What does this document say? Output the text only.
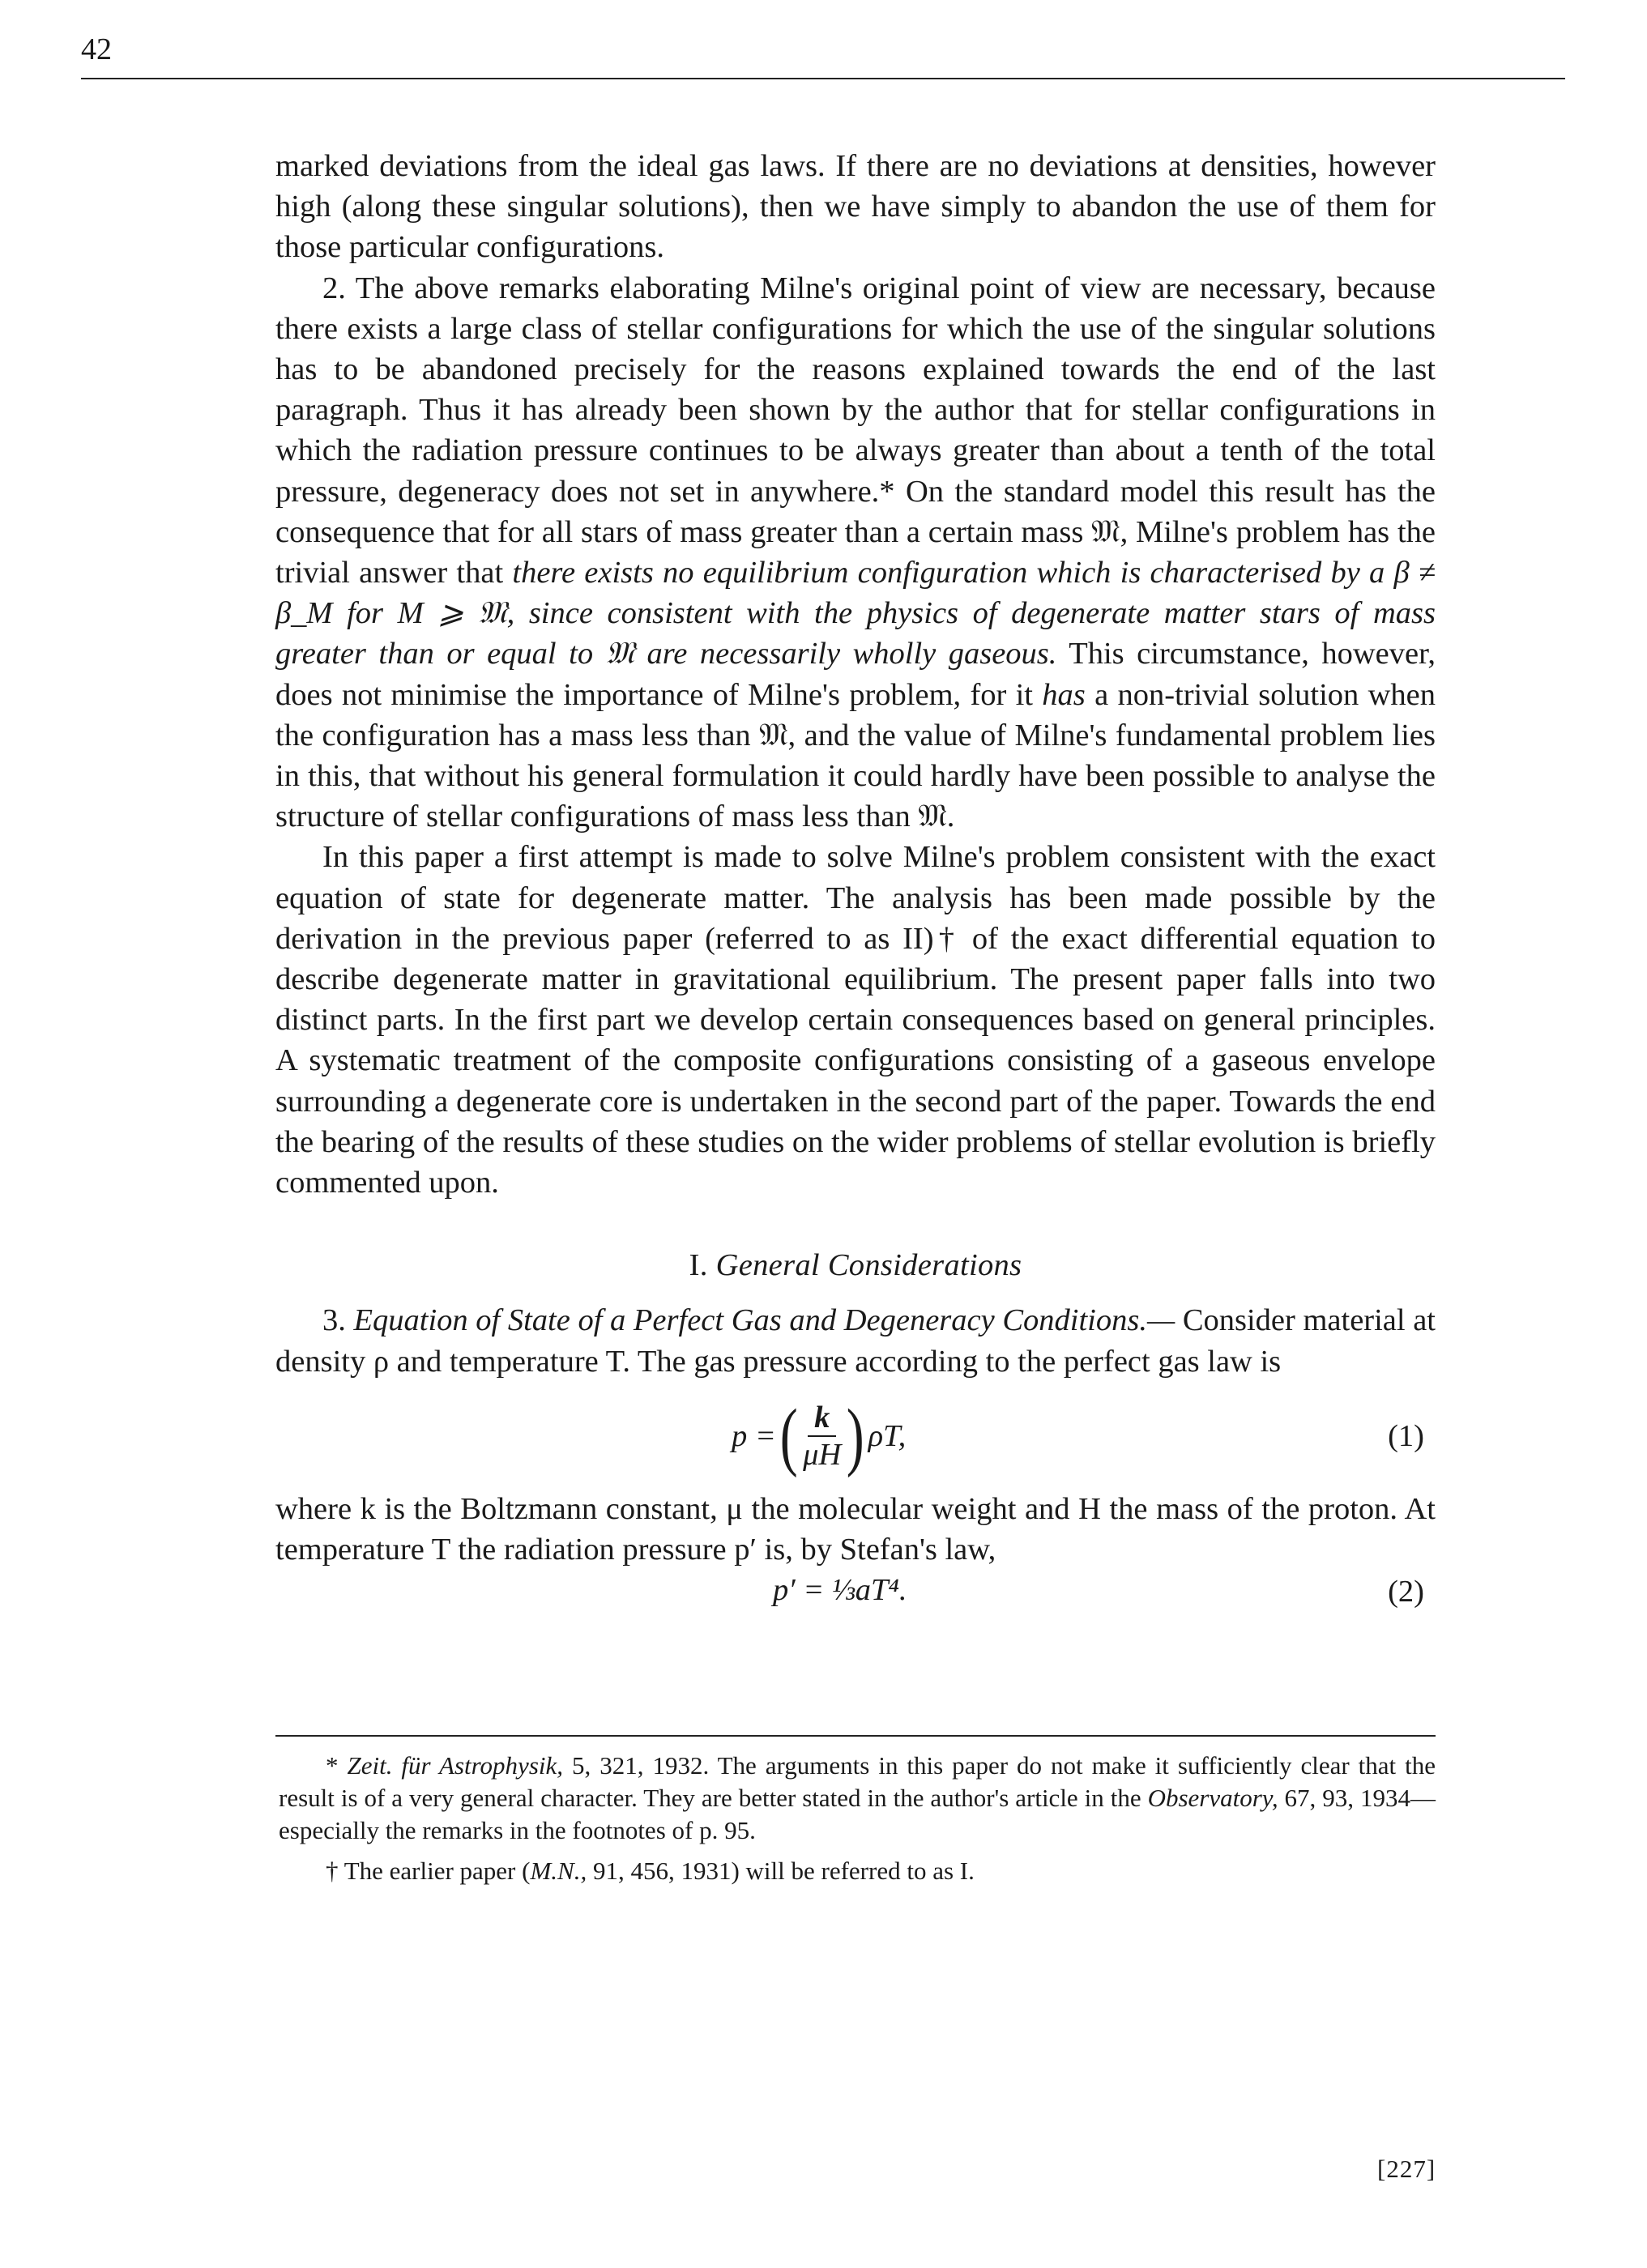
42

marked deviations from the ideal gas laws. If there are no deviations at densities, however high (along these singular solutions), then we have simply to abandon the use of them for those particular configurations.

2. The above remarks elaborating Milne's original point of view are necessary, because there exists a large class of stellar configurations for which the use of the singular solutions has to be abandoned precisely for the reasons explained towards the end of the last paragraph. Thus it has already been shown by the author that for stellar configurations in which the radiation pressure continues to be always greater than about a tenth of the total pressure, degeneracy does not set in anywhere.* On the standard model this result has the consequence that for all stars of mass greater than a certain mass 𝔐, Milne's problem has the trivial answer that there exists no equilibrium configuration which is characterised by a β ≠ β_M for M ⩾ 𝔐, since consistent with the physics of degenerate matter stars of mass greater than or equal to 𝔐 are necessarily wholly gaseous. This circumstance, however, does not minimise the importance of Milne's problem, for it has a non-trivial solution when the configuration has a mass less than 𝔐, and the value of Milne's fundamental problem lies in this, that without his general formulation it could hardly have been possible to analyse the structure of stellar configurations of mass less than 𝔐.

In this paper a first attempt is made to solve Milne's problem consistent with the exact equation of state for degenerate matter. The analysis has been made possible by the derivation in the previous paper (referred to as II)† of the exact differential equation to describe degenerate matter in gravitational equilibrium. The present paper falls into two distinct parts. In the first part we develop certain consequences based on general principles. A systematic treatment of the composite configurations consisting of a gaseous envelope surrounding a degenerate core is undertaken in the second part of the paper. Towards the end the bearing of the results of these studies on the wider problems of stellar evolution is briefly commented upon.

I. General Considerations

3. Equation of State of a Perfect Gas and Degeneracy Conditions.— Consider material at density ρ and temperature T. The gas pressure according to the perfect gas law is

p = ( $\frac{k}{\mu H}$ ) ρT,	(1)

where k is the Boltzmann constant, μ the molecular weight and H the mass of the proton. At temperature T the radiation pressure p′ is, by Stefan's law,

p′ = ⅓aT⁴.	(2)

* Zeit. für Astrophysik, 5, 321, 1932. The arguments in this paper do not make it sufficiently clear that the result is of a very general character. They are better stated in the author's article in the Observatory, 67, 93, 1934—especially the remarks in the footnotes of p. 95.

† The earlier paper (M.N., 91, 456, 1931) will be referred to as I.

[227]
